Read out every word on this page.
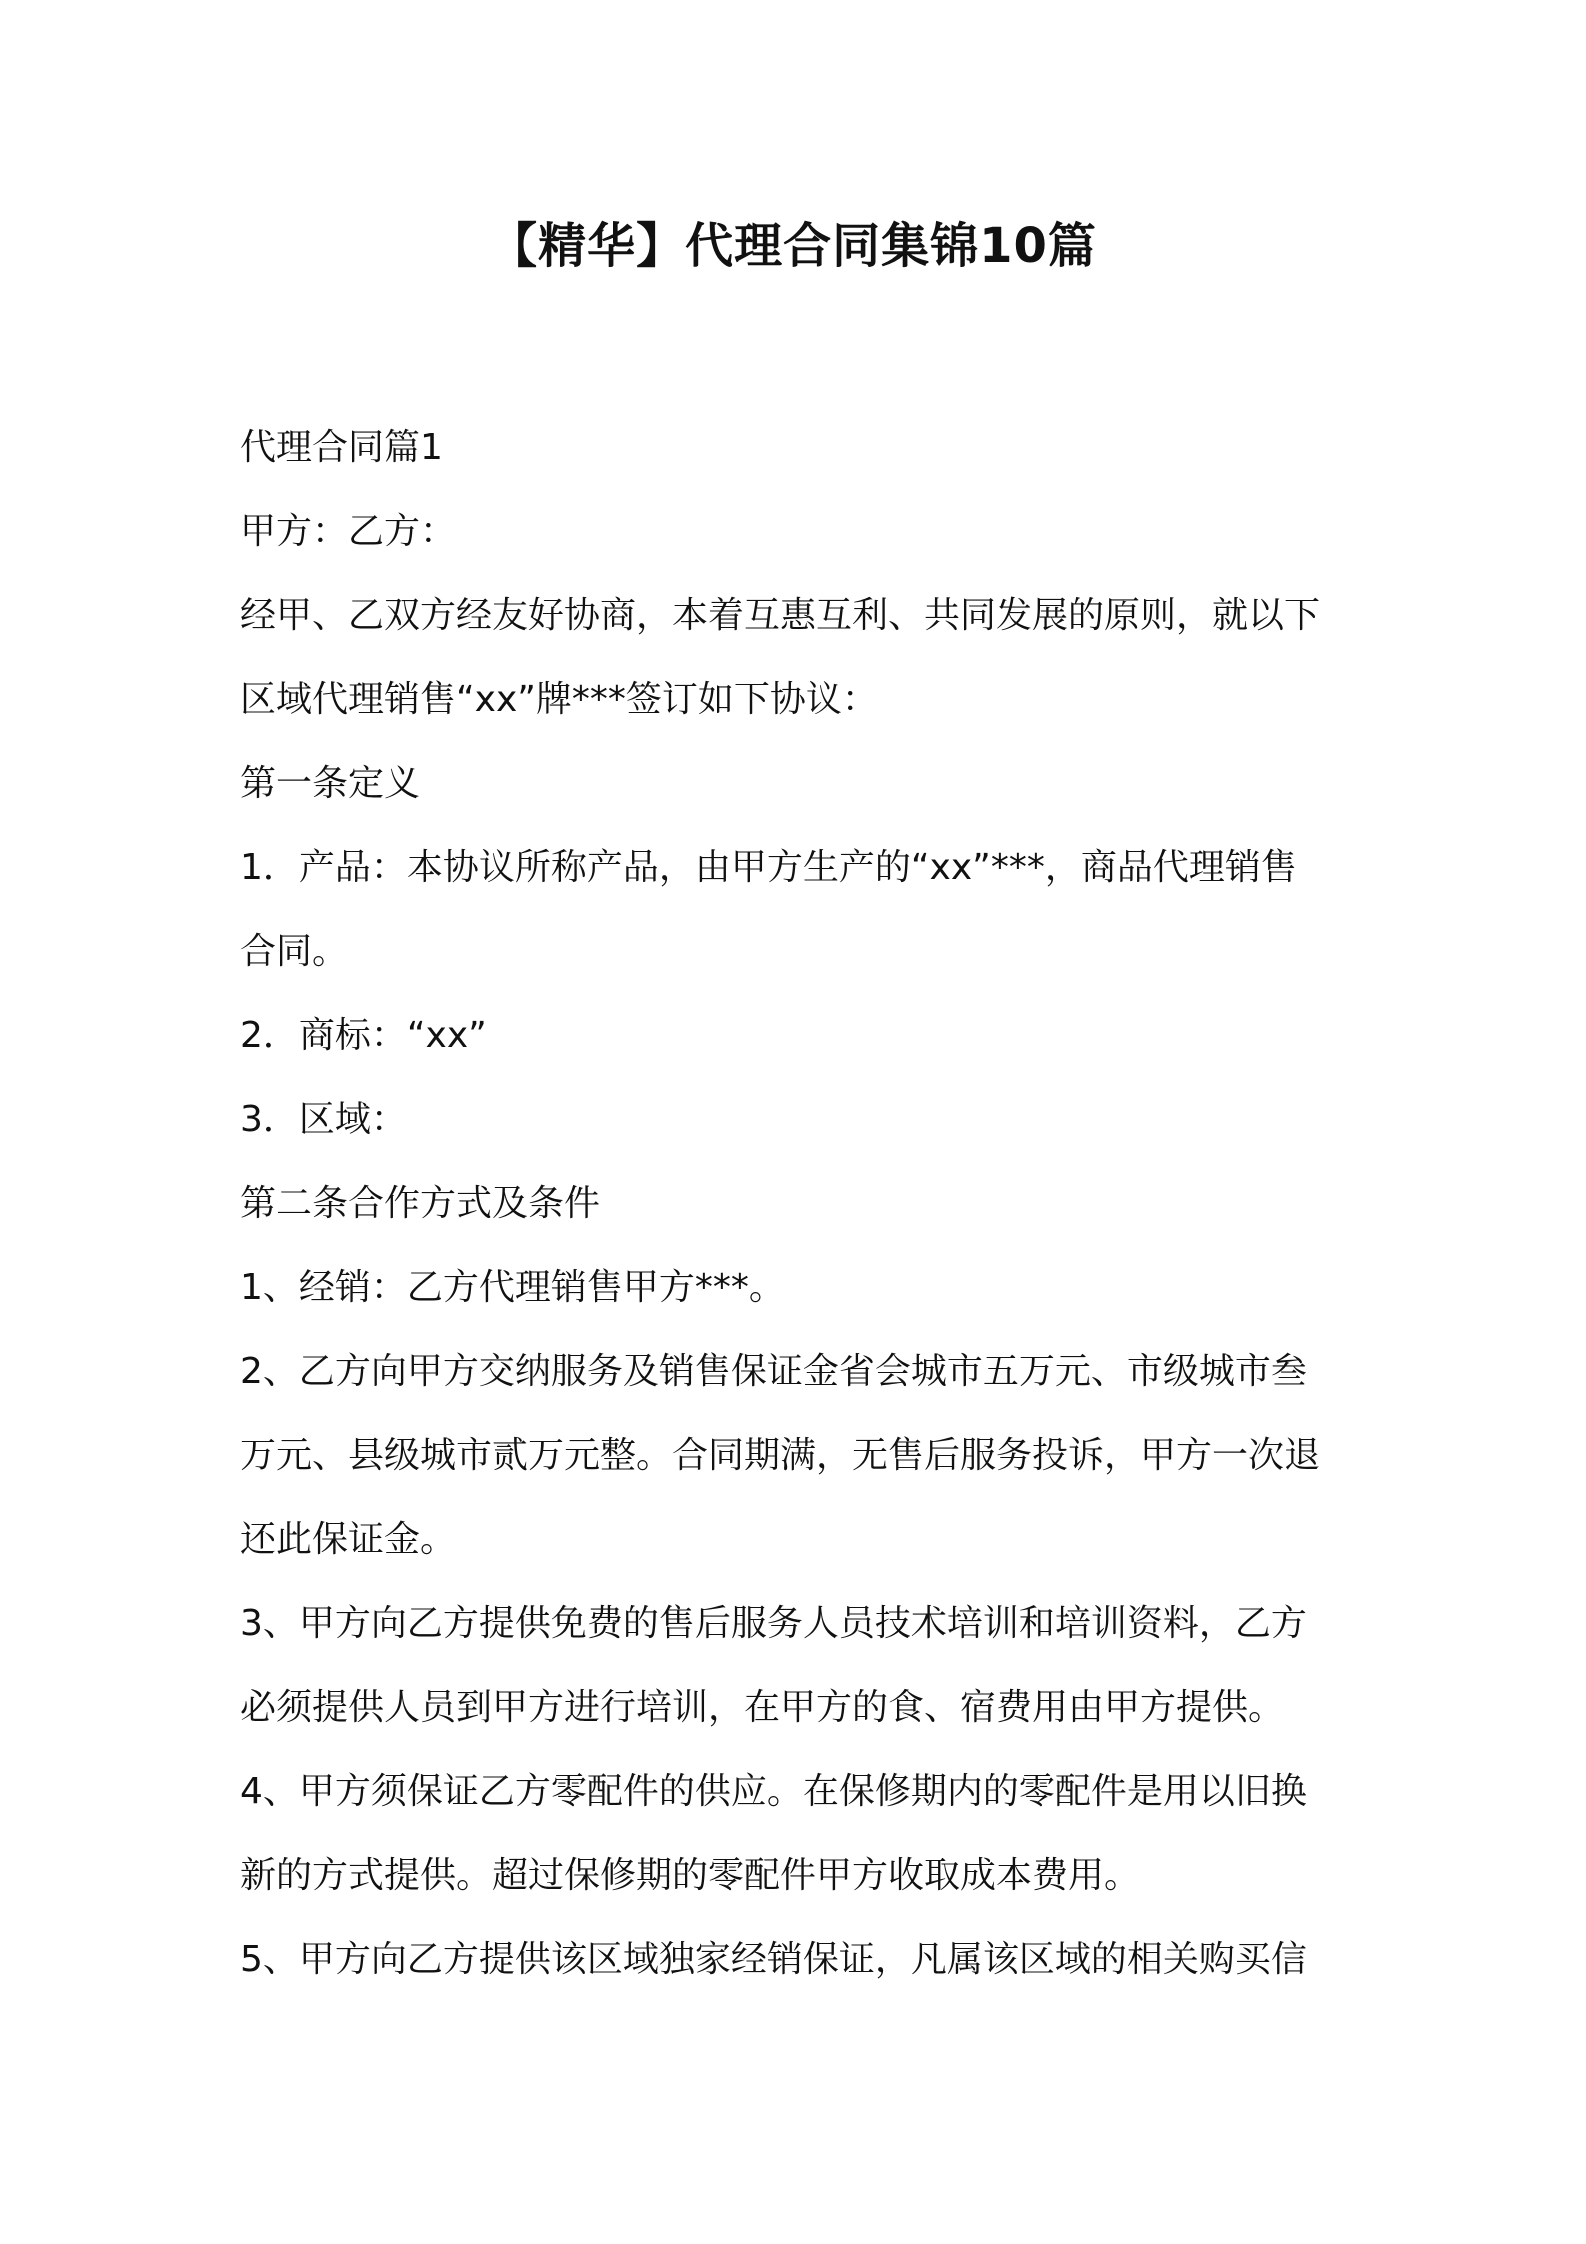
【精华】代理合同集锦10篇

代理合同篇1

甲方：乙方：

经甲、乙双方经友好协商，本着互惠互利、共同发展的原则，就以下

区域代理销售“xx”牌***签订如下协议：

第一条定义

1．产品：本协议所称产品，由甲方生产的“xx”***，商品代理销售

合同。

2．商标：“xx”

3．区域：

第二条合作方式及条件

1、经销：乙方代理销售甲方***。

2、乙方向甲方交纳服务及销售保证金省会城市五万元、市级城市叁

万元、县级城市贰万元整。合同期满，无售后服务投诉，甲方一次退

还此保证金。

3、甲方向乙方提供免费的售后服务人员技术培训和培训资料，乙方

必须提供人员到甲方进行培训，在甲方的食、宿费用由甲方提供。

4、甲方须保证乙方零配件的供应。在保修期内的零配件是用以旧换

新的方式提供。超过保修期的零配件甲方收取成本费用。

5、甲方向乙方提供该区域独家经销保证，凡属该区域的相关购买信
